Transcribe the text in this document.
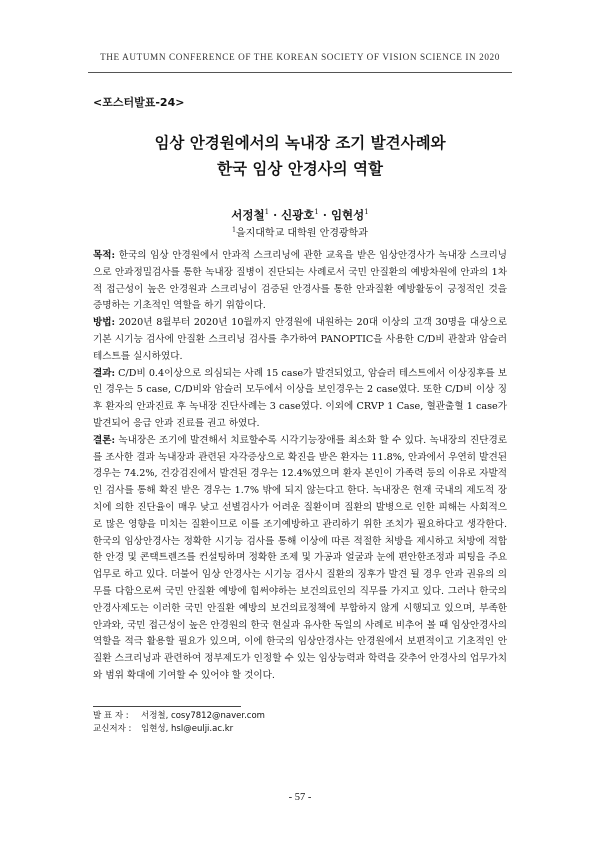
THE AUTUMN CONFERENCE OF THE KOREAN SOCIETY OF VISION SCIENCE IN 2020
<포스터발표-24>
임상 안경원에서의 녹내장 조기 발견사례와
한국 임상 안경사의 역할
서정철$^1$ · 신광호$^1$ · 임현성$^1$
$^1$을지대학교 대학원 안경광학과

목적: 한국의 임상 안경원에서 안과적 스크리닝에 관한 교육을 받은 임상안경사가 녹내장 스크리닝으로 안과정밀검사를 통한 녹내장 질병이 진단되는 사례로서 국민 안질환의 예방차원에 안과의 1차적 접근성이 높은 안경원과 스크리닝이 검증된 안경사를 통한 안과질환 예방활동이 긍정적인 것을 증명하는 기초적인 역할을 하기 위함이다.

방법: 2020년 8월부터 2020년 10월까지 안경원에 내원하는 20대 이상의 고객 30명을 대상으로 기본 시기능 검사에 안질환 스크리닝 검사를 추가하여 PANOPTIC을 사용한 C/D비 관찰과 암슬러 테스트를 실시하였다.

결과: C/D비 0.4이상으로 의심되는 사례 15 case가 발견되었고, 암슬러 테스트에서 이상징후를 보인 경우는 5 case, C/D비와 암슬러 모두에서 이상을 보인경우는 2 case였다. 또한 C/D비 이상 징후 환자의 안과진료 후 녹내장 진단사례는 3 case였다. 이외에 CRVP 1 Case, 혈관출혈 1 case가 발견되어 응급 안과 진료를 권고 하였다.

결론: 녹내장은 조기에 발견해서 치료할수록 시각기능장애를 최소화 할 수 있다. 녹내장의 진단경로를 조사한 결과 녹내장과 관련된 자각증상으로 확진을 받은 환자는 11.8%, 안과에서 우연히 발견된 경우는 74.2%, 건강검진에서 발견된 경우는 12.4%였으며 환자 본인이 가족력 등의 이유로 자발적인 검사를 통해 확진 받은 경우는 1.7% 밖에 되지 않는다고 한다. 녹내장은 현재 국내의 제도적 장치에 의한 진단율이 매우 낮고 선별검사가 어려운 질환이며 질환의 발병으로 인한 피해는 사회적으로 많은 영향을 미치는 질환이므로 이를 조기예방하고 관리하기 위한 조치가 필요하다고 생각한다. 한국의 임상안경사는 정확한 시기능 검사를 통해 이상에 따른 적절한 처방을 제시하고 처방에 적합한 안경 및 콘택트렌즈를 컨설팅하며 정확한 조제 및 가공과 얼굴과 눈에 편안한조정과 피팅을 주요 업무로 하고 있다. 더불어 임상 안경사는 시기능 검사시 질환의 징후가 발견 될 경우 안과 권유의 의무를 다함으로써 국민 안질환 예방에 힘써야하는 보건의료인의 직무를 가지고 있다. 그러나 한국의 안경사제도는 이러한 국민 안질환 예방의 보건의료정책에 부합하지 않게 시행되고 있으며, 부족한 안과와, 국민 접근성이 높은 안경원의 한국 현실과 유사한 독일의 사례로 비추어 볼 때 임상안경사의 역할을 적극 활용할 필요가 있으며, 이에 한국의 임상안경사는 안경원에서 보편적이고 기초적인 안질환 스크리닝과 관련하여 정부제도가 인정할 수 있는 임상능력과 학력을 갖추어 안경사의 업무가치와 범위 확대에 기여할 수 있어야 할 것이다.

발 표 자 :	서정철, cosy7812@naver.com
교신저자 :	임현성, hsl@eulji.ac.kr
- 57 -
